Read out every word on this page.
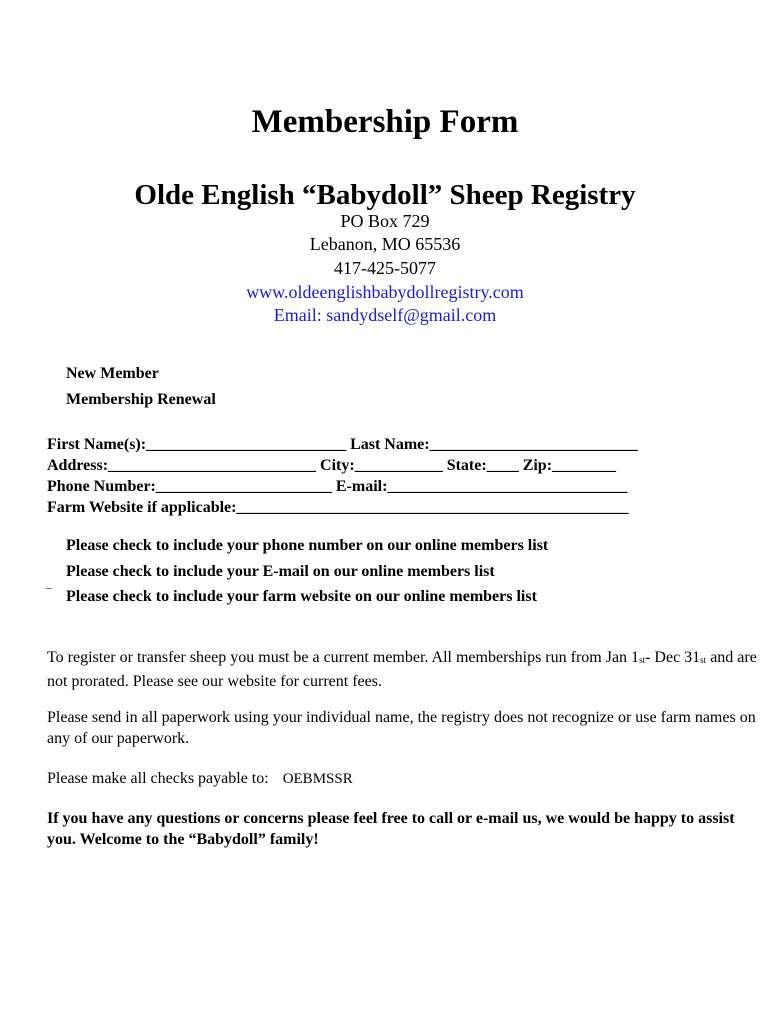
Membership Form
Olde English “Babydoll” Sheep Registry
PO Box 729
Lebanon, MO 65536
417-425-5077
www.oldeenglishbabydollregistry.com
Email: sandydself@gmail.com
New Member
Membership Renewal
First Name(s):_________________________ Last Name:__________________________
Address:__________________________ City:___________ State:____ Zip:________
Phone Number:______________________ E-mail:______________________________
Farm Website if applicable:_________________________________________________
Please check to include your phone number on our online members list
Please check to include your E-mail on our online members list
¯ Please check to include your farm website on our online members list
To register or transfer sheep you must be a current member. All memberships run from Jan 1st- Dec 31st and are not prorated. Please see our website for current fees.
Please send in all paperwork using your individual name, the registry does not recognize or use farm names on any of our paperwork.
Please make all checks payable to: OEBMSSR
If you have any questions or concerns please feel free to call or e-mail us, we would be happy to assist you. Welcome to the “Babydoll” family!
